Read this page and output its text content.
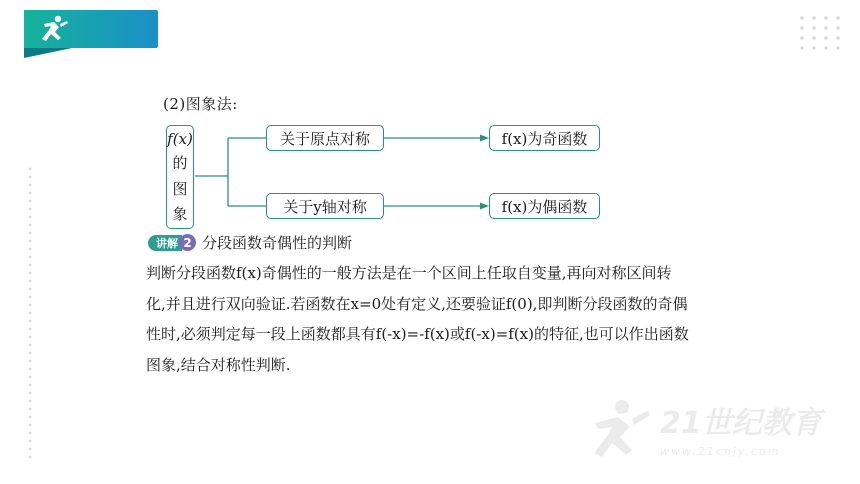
(2)图象法:
f(x)
的
图
象
关于原点对称
关于y轴对称
f(x)为奇函数
f(x)为偶函数
讲解 2 分段函数奇偶性的判断
判断分段函数f(x)奇偶性的一般方法是在一个区间上任取自变量,再向对称区间转
化,并且进行双向验证.若函数在x=0处有定义,还要验证f(0),即判断分段函数的奇偶
性时,必须判定每一段上函数都具有f(-x)=-f(x)或f(-x)=f(x)的特征,也可以作出函数
图象,结合对称性判断.
21世纪教育
www.21cnjy.com
